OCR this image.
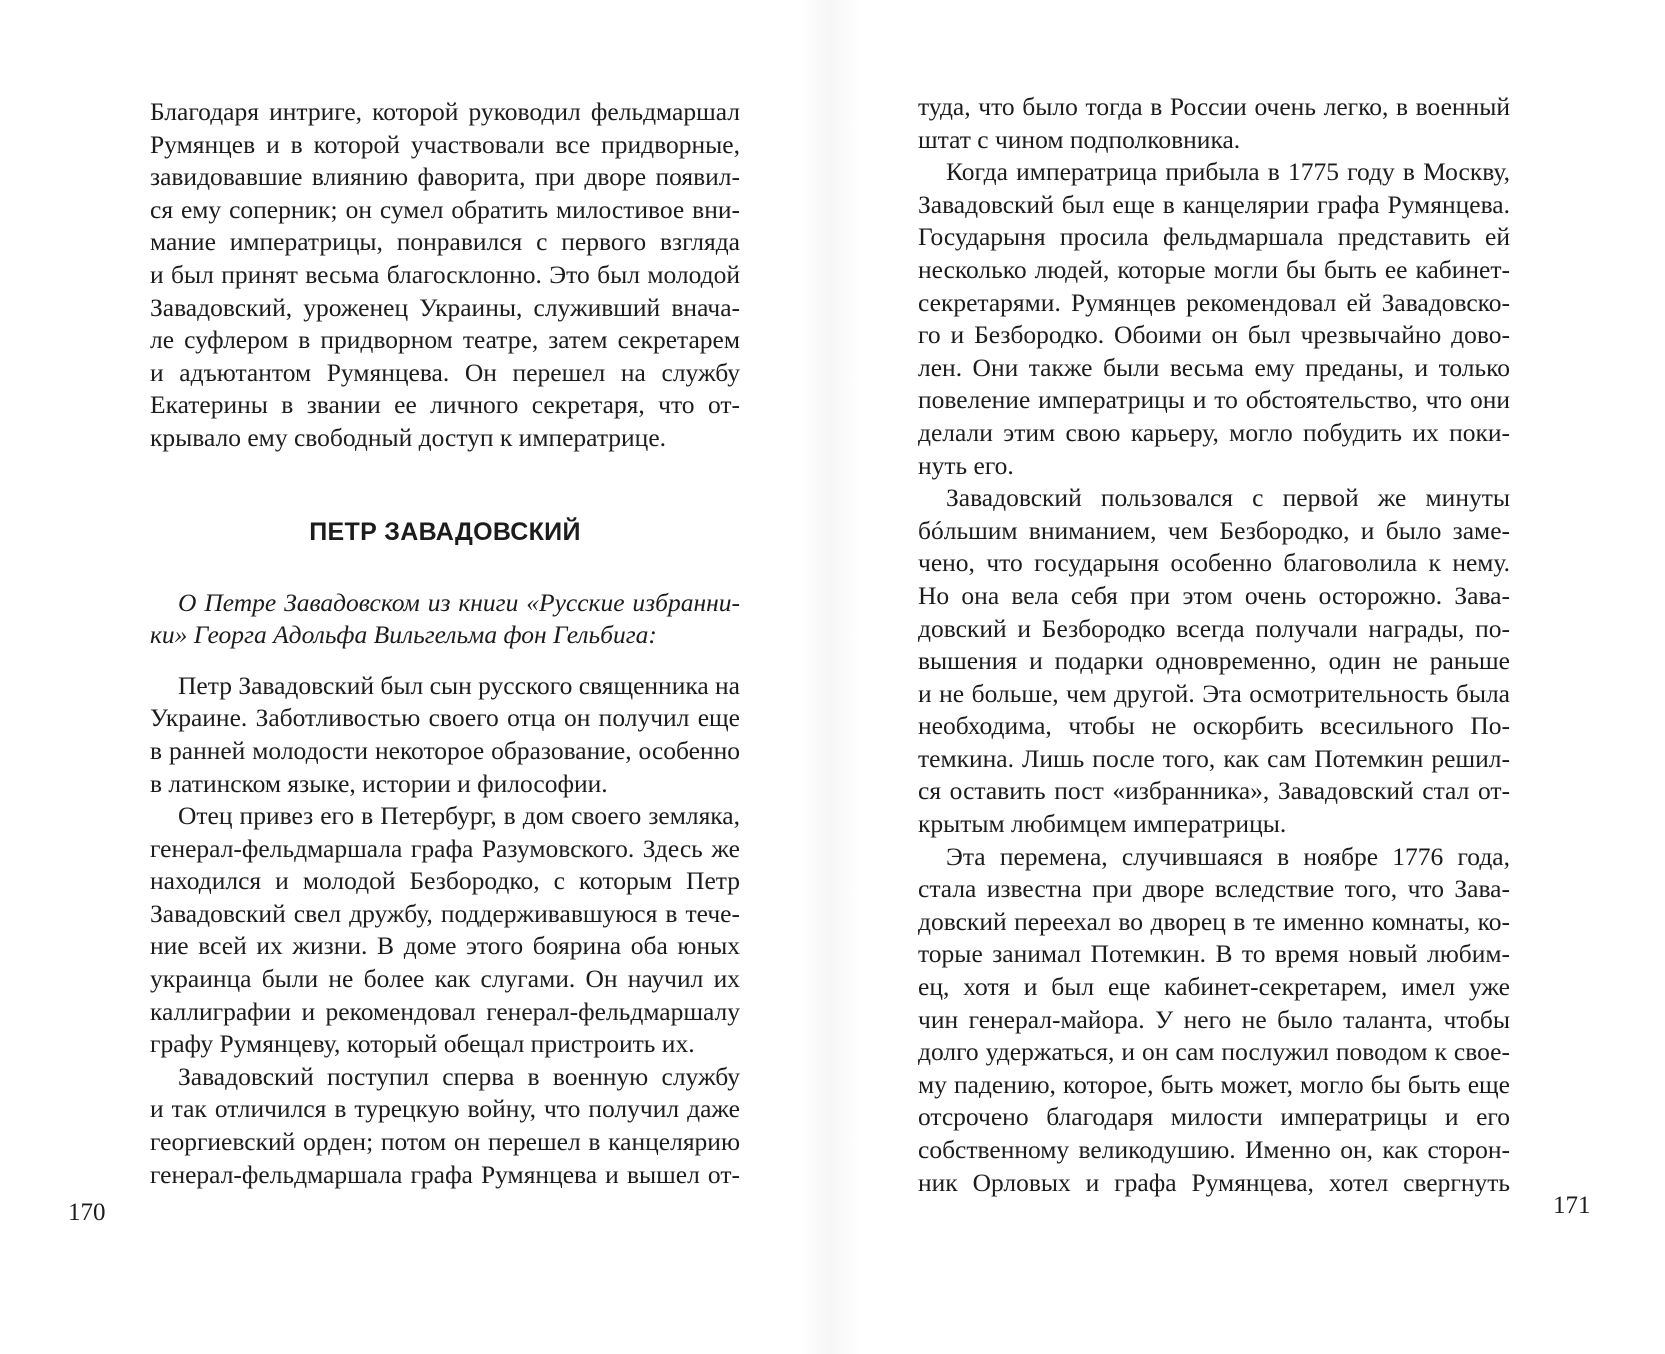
Благодаря интриге, которой руководил фельдмаршал
Румянцев и в которой участвовали все придворные,
завидовавшие влиянию фаворита, при дворе появил-
ся ему соперник; он сумел обратить милостивое вни-
мание императрицы, понравился с первого взгляда
и был принят весьма благосклонно. Это был молодой
Завадовский, уроженец Украины, служивший внача-
ле суфлером в придворном театре, затем секретарем
и адъютантом Румянцева. Он перешел на службу
Екатерины в звании ее личного секретаря, что от-
крывало ему свободный доступ к императрице.
ПЕТР ЗАВАДОВСКИЙ
О Петре Завадовском из книги «Русские избранни-
ки» Георга Адольфа Вильгельма фон Гельбига:
Петр Завадовский был сын русского священника на
Украине. Заботливостью своего отца он получил еще
в ранней молодости некоторое образование, особенно
в латинском языке, истории и философии.
Отец привез его в Петербург, в дом своего земляка,
генерал-фельдмаршала графа Разумовского. Здесь же
находился и молодой Безбородко, с которым Петр
Завадовский свел дружбу, поддерживавшуюся в тече-
ние всей их жизни. В доме этого боярина оба юных
украинца были не более как слугами. Он научил их
каллиграфии и рекомендовал генерал-фельдмаршалу
графу Румянцеву, который обещал пристроить их.
Завадовский поступил сперва в военную службу
и так отличился в турецкую войну, что получил даже
георгиевский орден; потом он перешел в канцелярию
генерал-фельдмаршала графа Румянцева и вышел от-
170
туда, что было тогда в России очень легко, в военный
штат с чином подполковника.
Когда императрица прибыла в 1775 году в Москву,
Завадовский был еще в канцелярии графа Румянцева.
Государыня просила фельдмаршала представить ей
несколько людей, которые могли бы быть ее кабинет-
секретарями. Румянцев рекомендовал ей Завадовско-
го и Безбородко. Обоими он был чрезвычайно дово-
лен. Они также были весьма ему преданы, и только
повеление императрицы и то обстоятельство, что они
делали этим свою карьеру, могло побудить их поки-
нуть его.
Завадовский пользовался с первой же минуты
бóльшим вниманием, чем Безбородко, и было заме-
чено, что государыня особенно благоволила к нему.
Но она вела себя при этом очень осторожно. Зава-
довский и Безбородко всегда получали награды, по-
вышения и подарки одновременно, один не раньше
и не больше, чем другой. Эта осмотрительность была
необходима, чтобы не оскорбить всесильного По-
темкина. Лишь после того, как сам Потемкин решил-
ся оставить пост «избранника», Завадовский стал от-
крытым любимцем императрицы.
Эта перемена, случившаяся в ноябре 1776 года,
стала известна при дворе вследствие того, что Зава-
довский переехал во дворец в те именно комнаты, ко-
торые занимал Потемкин. В то время новый любим-
ец, хотя и был еще кабинет-секретарем, имел уже
чин генерал-майора. У него не было таланта, чтобы
долго удержаться, и он сам послужил поводом к свое-
му падению, которое, быть может, могло бы быть еще
отсрочено благодаря милости императрицы и его
собственному великодушию. Именно он, как сторон-
ник Орловых и графа Румянцева, хотел свергнуть
171
